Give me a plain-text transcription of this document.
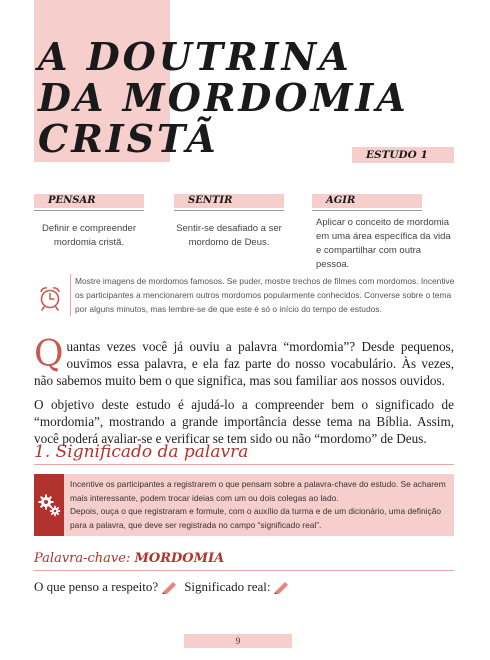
A DOUTRINA
DA MORDOMIA
CRISTÃ	ESTUDO 1
PENSAR
Definir e compreender mordomia cristã.
SENTIR
Sentir-se desafiado a ser mordomo de Deus.
AGIR
Aplicar o conceito de mordomia em uma área específica da vida e compartilhar com outra pessoa.
Mostre imagens de mordomos famosos. Se puder, mostre trechos de filmes com mordomos. Incentive os participantes a mencionarem outros mordomos popularmente conhecidos. Converse sobre o tema por alguns minutos, mas lembre-se de que este é só o início do tempo de estudos.
Quantas vezes você já ouviu a palavra “mordomia”? Desde pequenos, ouvimos essa palavra, e ela faz parte do nosso vocabulário. Às vezes, não sabemos muito bem o que significa, mas sou familiar aos nossos ouvidos.
O objetivo deste estudo é ajudá-lo a compreender bem o significado de “mordomia”, mostrando a grande importância desse tema na Bíblia. Assim, você poderá avaliar-se e verificar se tem sido ou não “mordomo” de Deus.
1. Significado da palavra
Incentive os participantes a registrarem o que pensam sobre a palavra-chave do estudo. Se acharem mais interessante, podem trocar ideias com um ou dois colegas ao lado.
Depois, ouça o que registraram e formule, com o auxílio da turma e de um dicionário, uma definição para a palavra, que deve ser registrada no campo “significado real”.
Palavra-chave: MORDOMIA
O que penso a respeito? Significado real:
9
